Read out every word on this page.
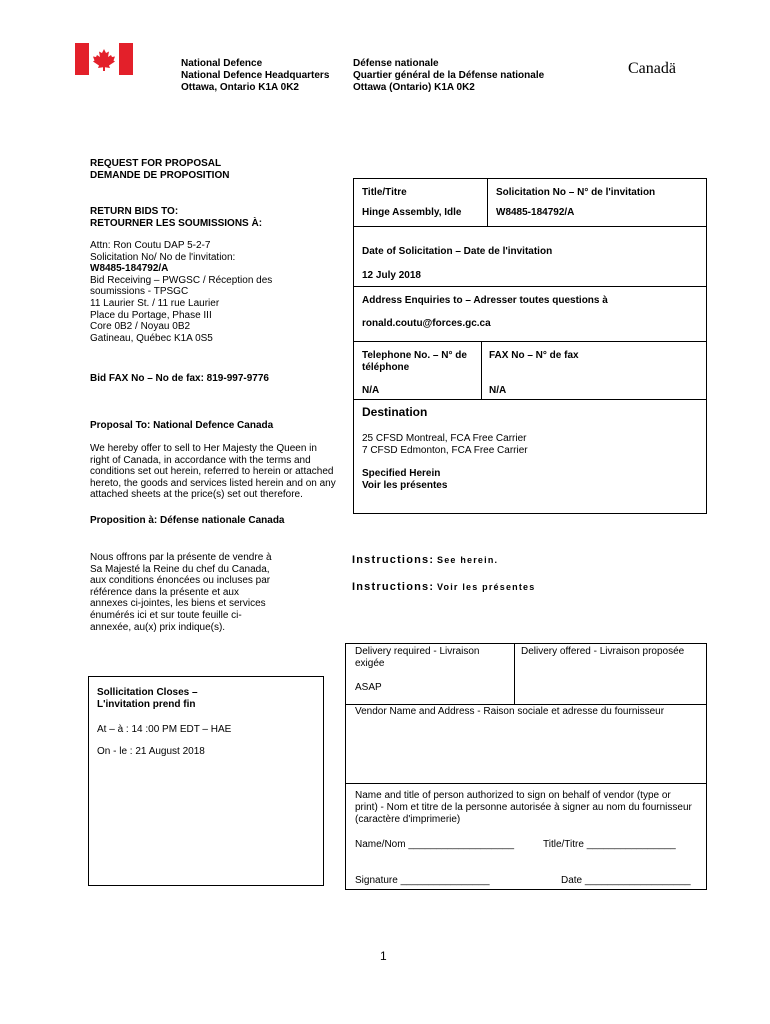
National Defence
National Defence Headquarters
Ottawa, Ontario K1A 0K2
Défense nationale
Quartier général de la Défense nationale
Ottawa (Ontario) K1A 0K2
Canadä
REQUEST FOR PROPOSAL
DEMANDE DE PROPOSITION
RETURN BIDS TO:
RETOURNER LES SOUMISSIONS À:
Attn: Ron Coutu DAP 5-2-7
Solicitation No/ No de l'invitation:
W8485-184792/A
Bid Receiving – PWGSC / Réception des
soumissions - TPSGC
11 Laurier St. / 11 rue Laurier
Place du Portage, Phase III
Core 0B2 / Noyau 0B2
Gatineau, Québec K1A 0S5
Bid FAX No – No de fax: 819-997-9776
Proposal To: National Defence Canada
We hereby offer to sell to Her Majesty the Queen in
right of Canada, in accordance with the terms and
conditions set out herein, referred to herein or attached
hereto, the goods and services listed herein and on any
attached sheets at the price(s) set out therefore.
Proposition à: Défense nationale Canada
Nous offrons par la présente de vendre à
Sa Majesté la Reine du chef du Canada,
aux conditions énoncées ou incluses par
référence dans la présente et aux
annexes ci-jointes, les biens et services
énumérés ici et sur toute feuille ci-
annexée, au(x) prix indique(s).
Title/Titre
Hinge Assembly, Idle
Solicitation No – N° de l'invitation
W8485-184792/A
Date of Solicitation – Date de l'invitation
12 July 2018
Address Enquiries to – Adresser toutes questions à
ronald.coutu@forces.gc.ca
Telephone No. – N° de
téléphone
N/A
FAX No – N° de fax
N/A
Destination
25 CFSD Montreal, FCA Free Carrier
7 CFSD Edmonton, FCA Free Carrier
Specified Herein
Voir les présentes
Instructions: See herein.
Instructions: Voir les présentes
Sollicitation Closes –
L'invitation prend fin
At – à : 14 :00 PM EDT – HAE
On - le : 21 August 2018
Delivery required - Livraison
exigée
Delivery offered - Livraison proposée
ASAP
Vendor Name and Address - Raison sociale et adresse du fournisseur
Name and title of person authorized to sign on behalf of vendor (type or
print) - Nom et titre de la personne autorisée à signer au nom du fournisseur
(caractère d'imprimerie)
Name/Nom ___________________	Title/Titre ________________
Signature ________________	Date ___________________
1
